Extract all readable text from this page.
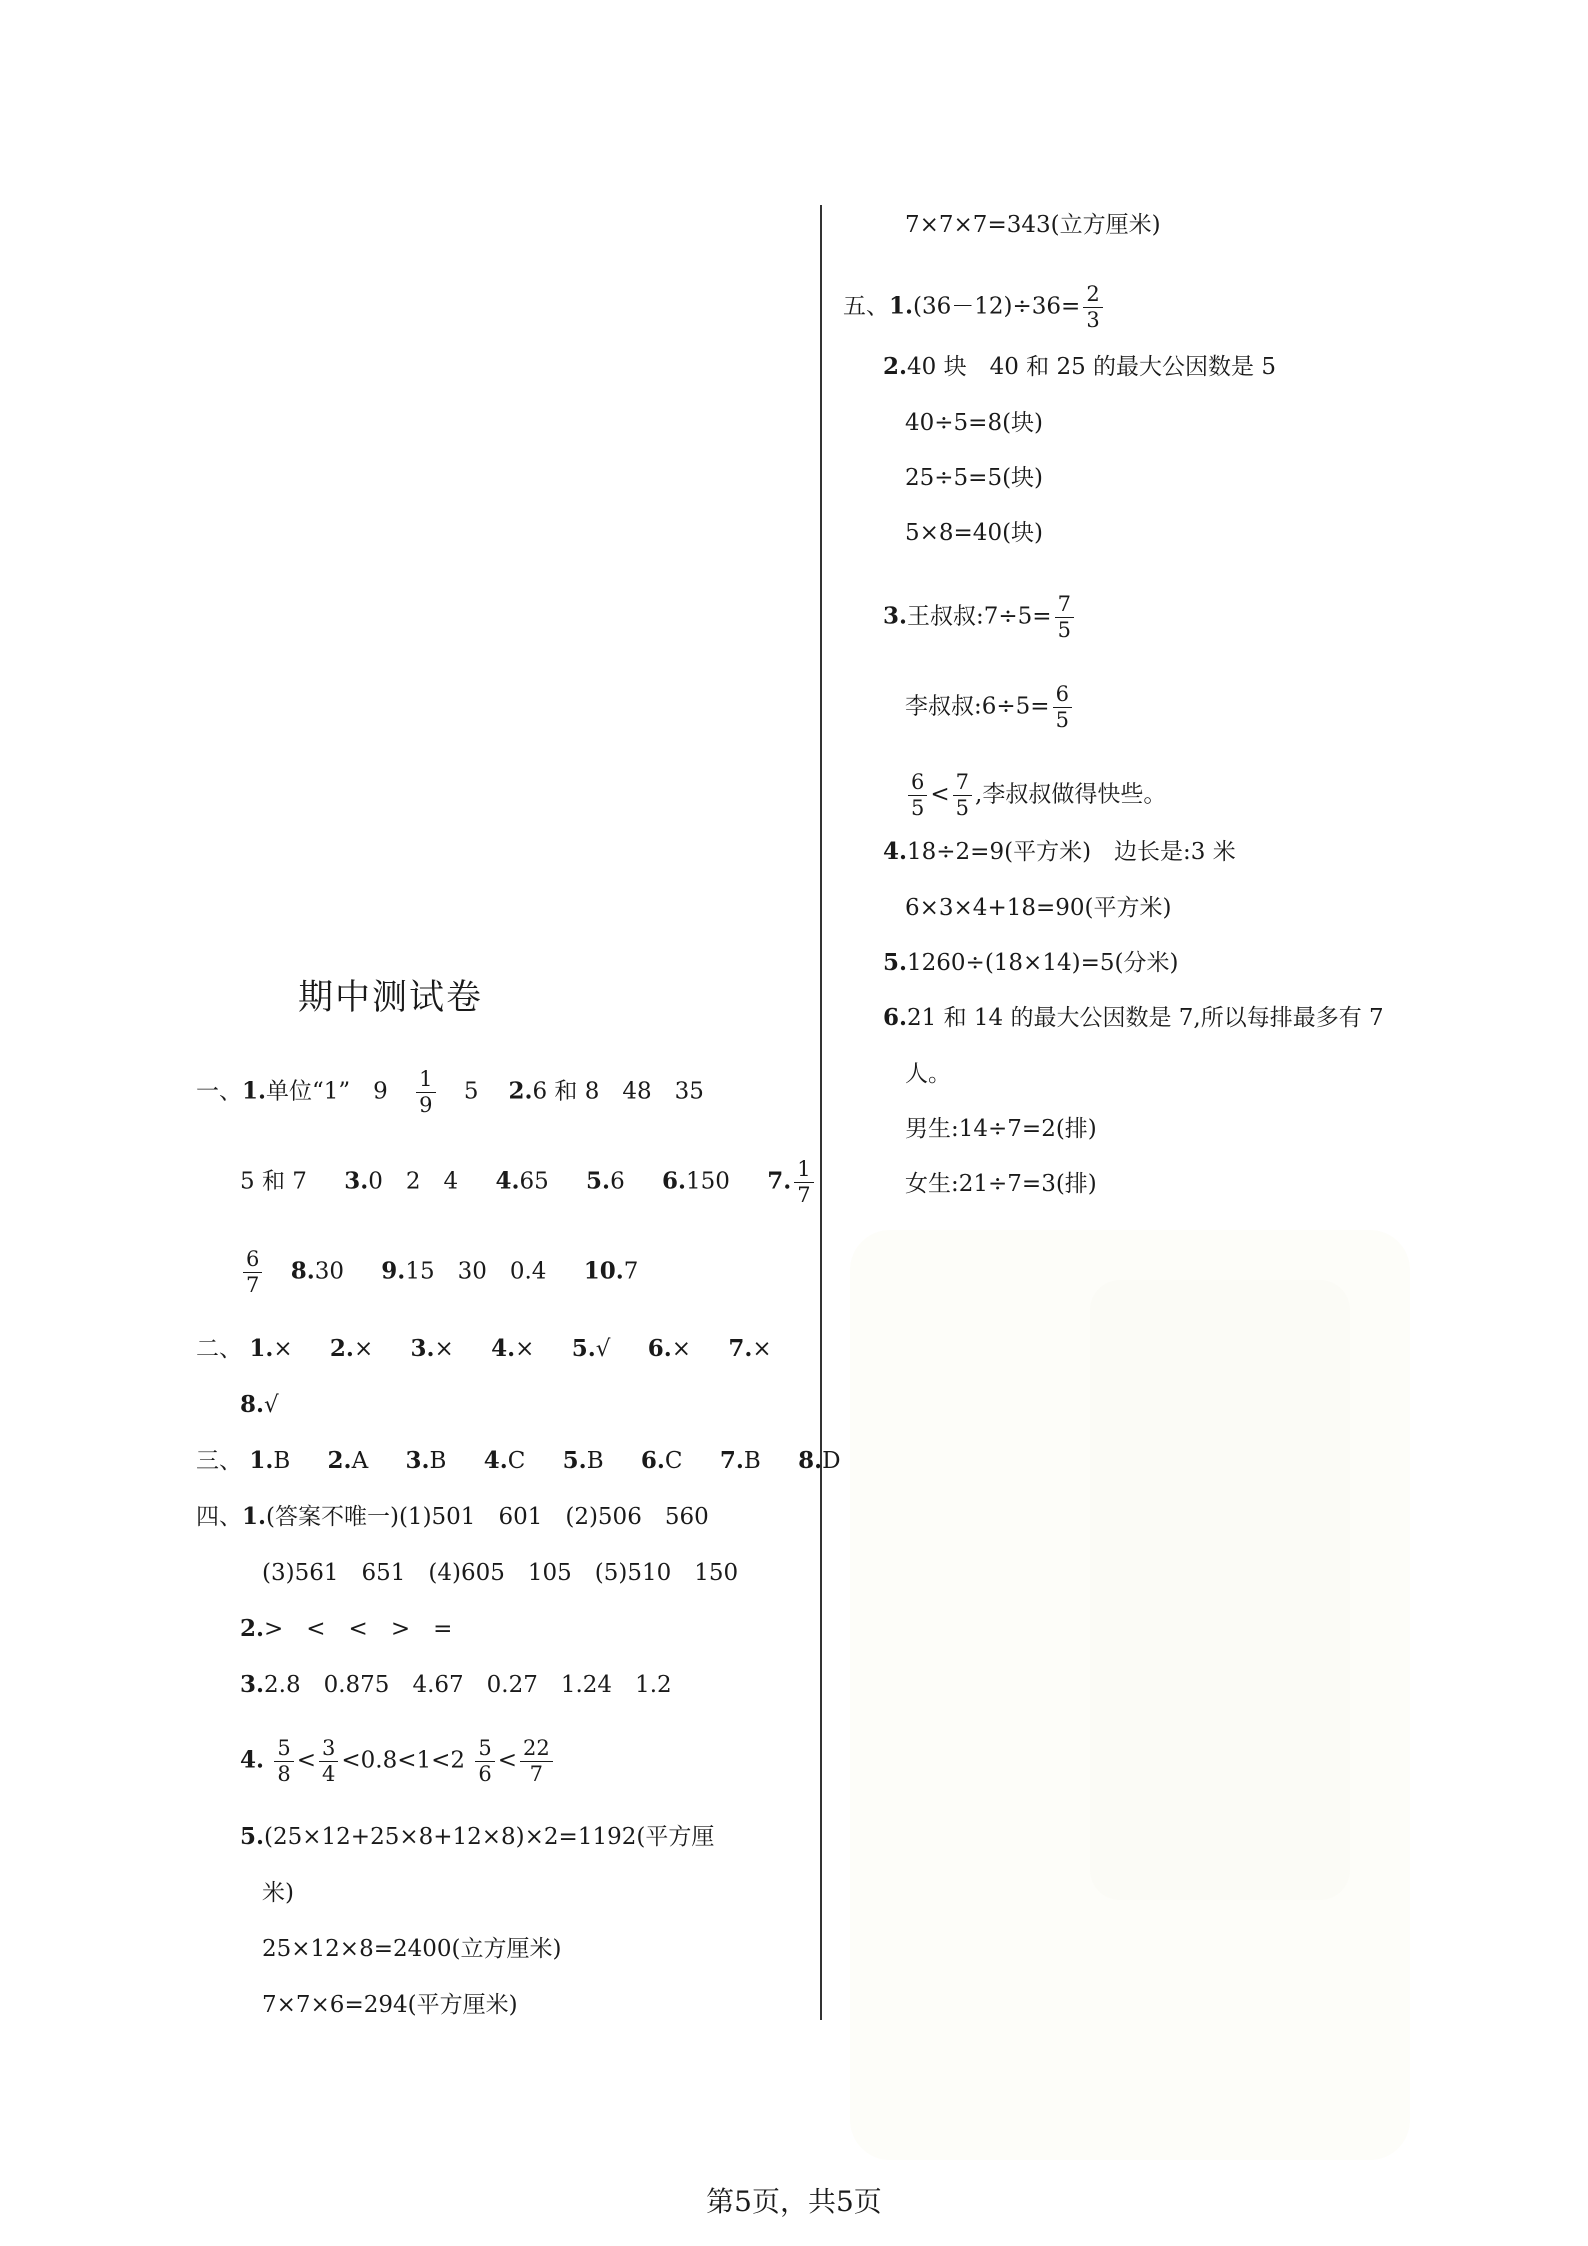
期中测试卷
一、1.单位“1”　$9 \frac{1}{9} 5$ 2.6 和 8　48　35
5 和 7 3.0　2　4 4.65 5.6 6.150 7. $\frac{1}{7}$
$\frac{6}{7} 8.30$ 9.15　30　0.4 10.7
二、 1.× 2.× 3.× 4.× 5.√ 6.× 7.×
8.√
三、 1.B 2.A 3.B 4.C 5.B 6.C 7.B 8.D
四、1.(答案不唯一)(1)501　601　(2)506　560
(3)561　651　(4)605　105　(5)510　150
2.>　<　<　>　=
3.2.8　0.875　4.67　0.27　1.24　1.2
4. $\frac{5}{8} < \frac{3}{4} <0.8<1<2 \frac{5}{6} < \frac{22}{7}$
5.(25×12+25×8+12×8)×2=1192(平方厘
米)
25×12×8=2400(立方厘米)
7×7×6=294(平方厘米)
7×7×7=343(立方厘米)
五、$1.(36-12)\div 36= \frac{2}{3}$
2.40 块　40 和 25 的最大公因数是 5
40÷5=8(块)
25÷5=5(块)
5×8=40(块)
3.王叔叔:7÷5= $\frac{7}{5}$
李叔叔:6÷5= $\frac{6}{5}$
$\frac{6}{5} < \frac{7}{5}$ ,李叔叔做得快些。
4.18÷2=9(平方米)　边长是:3 米
6×3×4+18=90(平方米)
5.1260÷(18×14)=5(分米)
6.21 和 14 的最大公因数是 7,所以每排最多有 7
人。
男生:14÷7=2(排)
女生:21÷7=3(排)
第5页，共5页
